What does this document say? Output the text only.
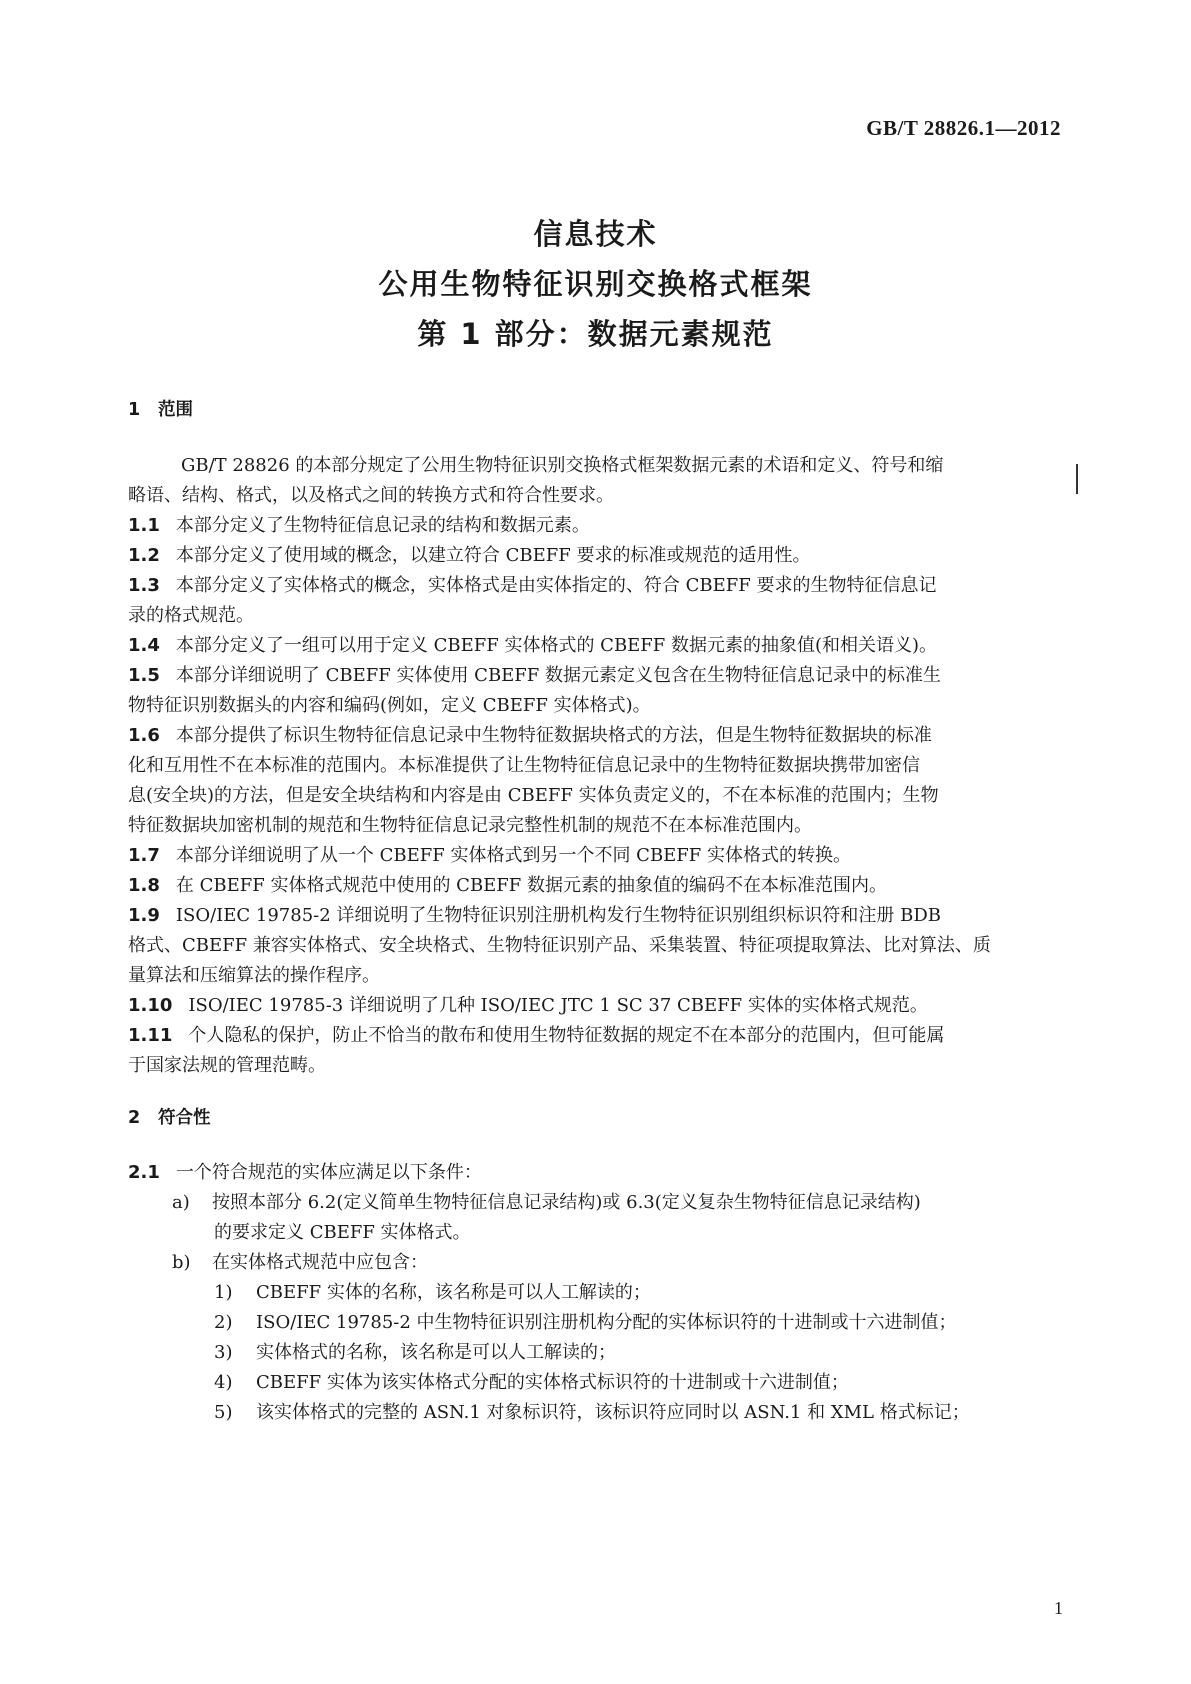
GB/T 28826.1—2012
信息技术
公用生物特征识别交换格式框架
第 1 部分：数据元素规范
1 范围
GB/T 28826 的本部分规定了公用生物特征识别交换格式框架数据元素的术语和定义、符号和缩
略语、结构、格式，以及格式之间的转换方式和符合性要求。
1.1 本部分定义了生物特征信息记录的结构和数据元素。
1.2 本部分定义了使用域的概念，以建立符合 CBEFF 要求的标准或规范的适用性。
1.3 本部分定义了实体格式的概念，实体格式是由实体指定的、符合 CBEFF 要求的生物特征信息记
录的格式规范。
1.4 本部分定义了一组可以用于定义 CBEFF 实体格式的 CBEFF 数据元素的抽象值(和相关语义)。
1.5 本部分详细说明了 CBEFF 实体使用 CBEFF 数据元素定义包含在生物特征信息记录中的标准生
物特征识别数据头的内容和编码(例如，定义 CBEFF 实体格式)。
1.6 本部分提供了标识生物特征信息记录中生物特征数据块格式的方法，但是生物特征数据块的标准
化和互用性不在本标准的范围内。本标准提供了让生物特征信息记录中的生物特征数据块携带加密信
息(安全块)的方法，但是安全块结构和内容是由 CBEFF 实体负责定义的，不在本标准的范围内；生物
特征数据块加密机制的规范和生物特征信息记录完整性机制的规范不在本标准范围内。
1.7 本部分详细说明了从一个 CBEFF 实体格式到另一个不同 CBEFF 实体格式的转换。
1.8 在 CBEFF 实体格式规范中使用的 CBEFF 数据元素的抽象值的编码不在本标准范围内。
1.9 ISO/IEC 19785-2 详细说明了生物特征识别注册机构发行生物特征识别组织标识符和注册 BDB
格式、CBEFF 兼容实体格式、安全块格式、生物特征识别产品、采集装置、特征项提取算法、比对算法、质
量算法和压缩算法的操作程序。
1.10 ISO/IEC 19785-3 详细说明了几种 ISO/IEC JTC 1 SC 37 CBEFF 实体的实体格式规范。
1.11 个人隐私的保护，防止不恰当的散布和使用生物特征数据的规定不在本部分的范围内，但可能属
于国家法规的管理范畴。
2 符合性
2.1 一个符合规范的实体应满足以下条件：
a) 按照本部分 6.2(定义简单生物特征信息记录结构)或 6.3(定义复杂生物特征信息记录结构)
的要求定义 CBEFF 实体格式。
b) 在实体格式规范中应包含：
1) CBEFF 实体的名称，该名称是可以人工解读的；
2) ISO/IEC 19785-2 中生物特征识别注册机构分配的实体标识符的十进制或十六进制值；
3) 实体格式的名称，该名称是可以人工解读的；
4) CBEFF 实体为该实体格式分配的实体格式标识符的十进制或十六进制值；
5) 该实体格式的完整的 ASN.1 对象标识符，该标识符应同时以 ASN.1 和 XML 格式标记；
1
